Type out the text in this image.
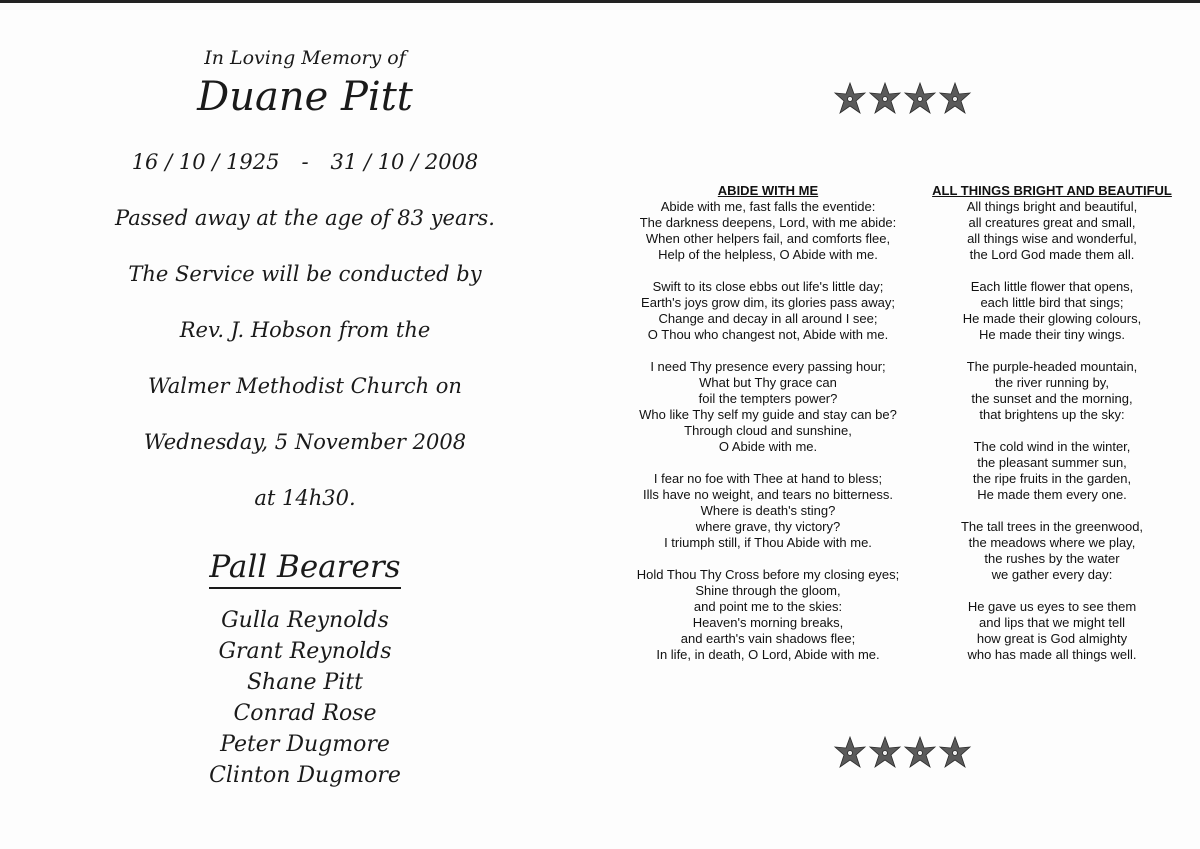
In Loving Memory of

Duane Pitt

16 / 10 / 1925 - 31 / 10 / 2008
Passed away at the age of 83 years.
The Service will be conducted by
Rev. J. Hobson from the
Walmer Methodist Church on
Wednesday, 5 November 2008
at 14h30.
Pall Bearers
Gulla Reynolds
Grant Reynolds
Shane Pitt
Conrad Rose
Peter Dugmore
Clinton Dugmore
ABIDE WITH ME
Abide with me, fast falls the eventide:
The darkness deepens, Lord, with me abide:
When other helpers fail, and comforts flee,
Help of the helpless, O Abide with me.
Swift to its close ebbs out life's little day;
Earth's joys grow dim, its glories pass away;
Change and decay in all around I see;
O Thou who changest not, Abide with me.
I need Thy presence every passing hour;
What but Thy grace can
foil the tempters power?
Who like Thy self my guide and stay can be?
Through cloud and sunshine,
O Abide with me.
I fear no foe with Thee at hand to bless;
Ills have no weight, and tears no bitterness.
Where is death's sting?
where grave, thy victory?
I triumph still, if Thou Abide with me.
Hold Thou Thy Cross before my closing eyes;
Shine through the gloom,
and point me to the skies:
Heaven's morning breaks,
and earth's vain shadows flee;
In life, in death, O Lord, Abide with me.
ALL THINGS BRIGHT AND BEAUTIFUL
All things bright and beautiful,
all creatures great and small,
all things wise and wonderful,
the Lord God made them all.
Each little flower that opens,
each little bird that sings;
He made their glowing colours,
He made their tiny wings.
The purple-headed mountain,
the river running by,
the sunset and the morning,
that brightens up the sky:
The cold wind in the winter,
the pleasant summer sun,
the ripe fruits in the garden,
He made them every one.
The tall trees in the greenwood,
the meadows where we play,
the rushes by the water
we gather every day:
He gave us eyes to see them
and lips that we might tell
how great is God almighty
who has made all things well.
